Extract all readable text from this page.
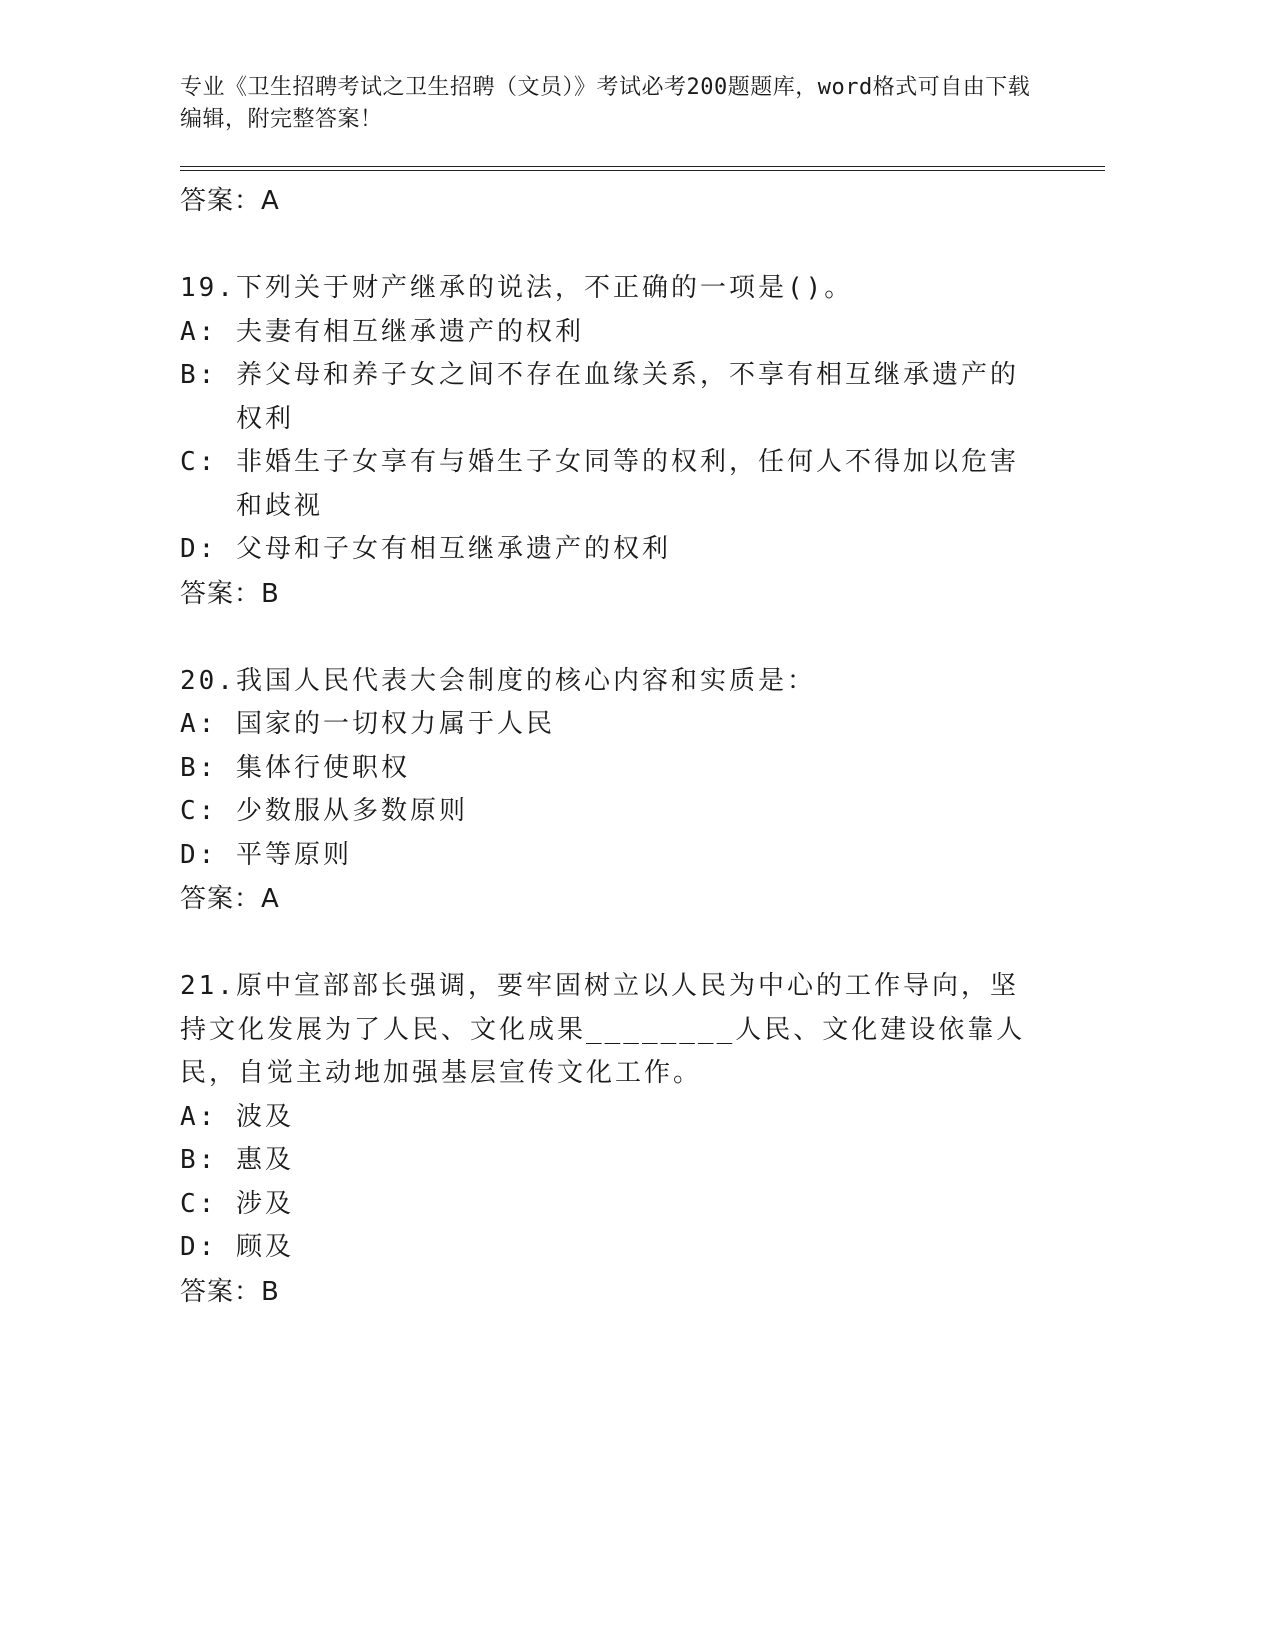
专业《卫生招聘考试之卫生招聘（文员）》考试必考200题题库，word格式可自由下载编辑，附完整答案！
答案：A
19.下列关于财产继承的说法，不正确的一项是()。
A:
夫妻有相互继承遗产的权利
B:
养父母和养子女之间不存在血缘关系，不享有相互继承遗产的权利
C:
非婚生子女享有与婚生子女同等的权利，任何人不得加以危害和歧视
D:
父母和子女有相互继承遗产的权利
答案：B
20.我国人民代表大会制度的核心内容和实质是：
A:
国家的一切权力属于人民
B:
集体行使职权
C:
少数服从多数原则
D:
平等原则
答案：A
21.原中宣部部长强调，要牢固树立以人民为中心的工作导向，坚持文化发展为了人民、文化成果________人民、文化建设依靠人民，自觉主动地加强基层宣传文化工作。
A:
波及
B:
惠及
C:
涉及
D:
顾及
答案：B
